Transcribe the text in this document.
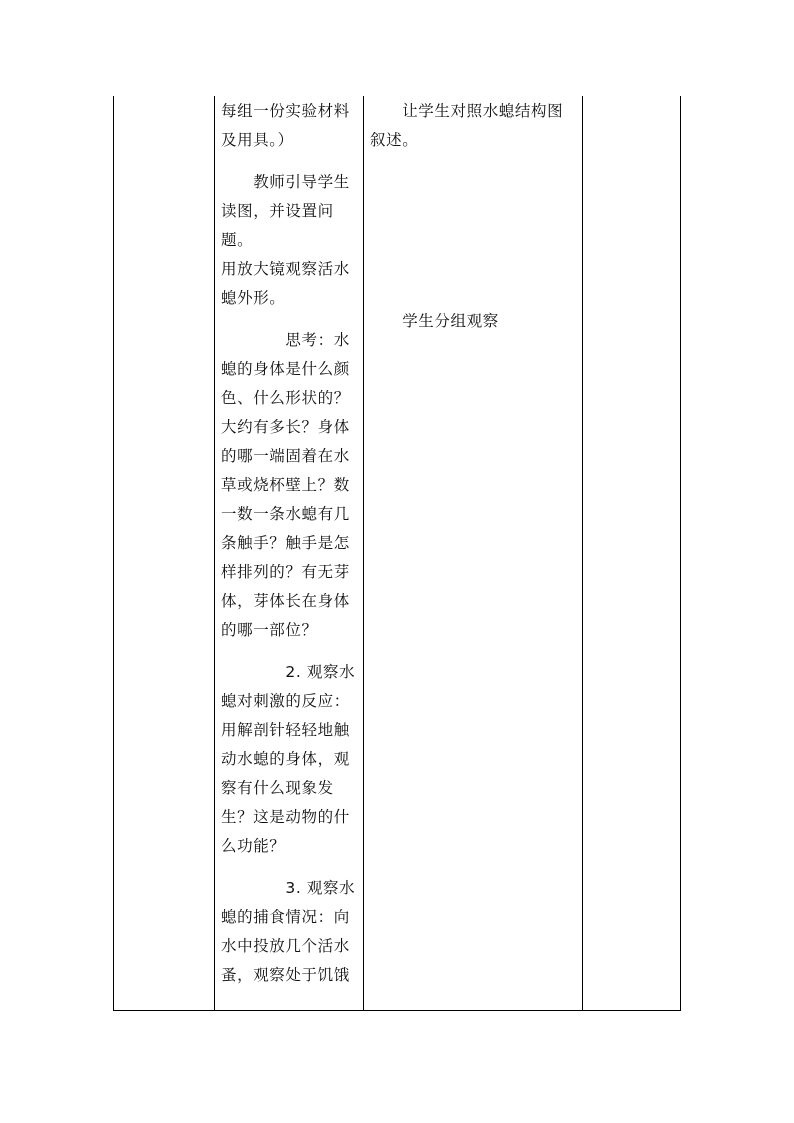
每组一份实验材料
及用具。）

　　教师引导学生
读图，并设置问题。
用放大镜观察活水
螅外形。

　　　　思考：水
螅的身体是什么颜
色、什么形状的？
大约有多长？身体
的哪一端固着在水
草或烧杯壁上？数
一数一条水螅有几
条触手？触手是怎
样排列的？有无芽
体，芽体长在身体
的哪一部位？

　　　　2. 观察水
螅对刺激的反应：
用解剖针轻轻地触
动水螅的身体，观
察有什么现象发
生？这是动物的什
么功能？

　　　　3. 观察水
螅的捕食情况：向
水中投放几个活水
蚤，观察处于饥饿

　　让学生对照水螅结构图
叙述。

　　学生分组观察
